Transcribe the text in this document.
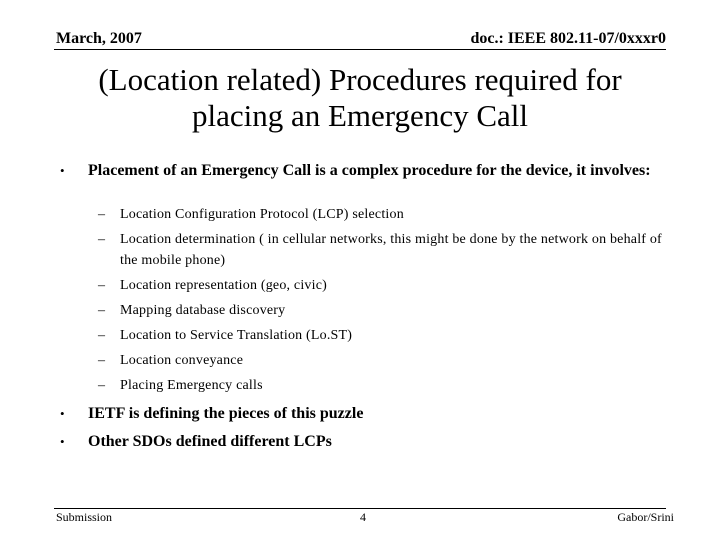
March, 2007	doc.: IEEE 802.11-07/0xxxr0
(Location related) Procedures required for
placing an Emergency Call
•	Placement of an Emergency Call is a complex procedure for the device, it involves:
–	Location Configuration Protocol (LCP) selection
–	Location determination ( in cellular networks, this might be done by the network on behalf of the mobile phone)
–	Location representation (geo, civic)
–	Mapping database discovery
–	Location to Service Translation (Lo.ST)
–	Location conveyance
–	Placing Emergency calls
•	IETF is defining the pieces of this puzzle
•	Other SDOs defined different LCPs
Submission	4	Gabor/Srini
